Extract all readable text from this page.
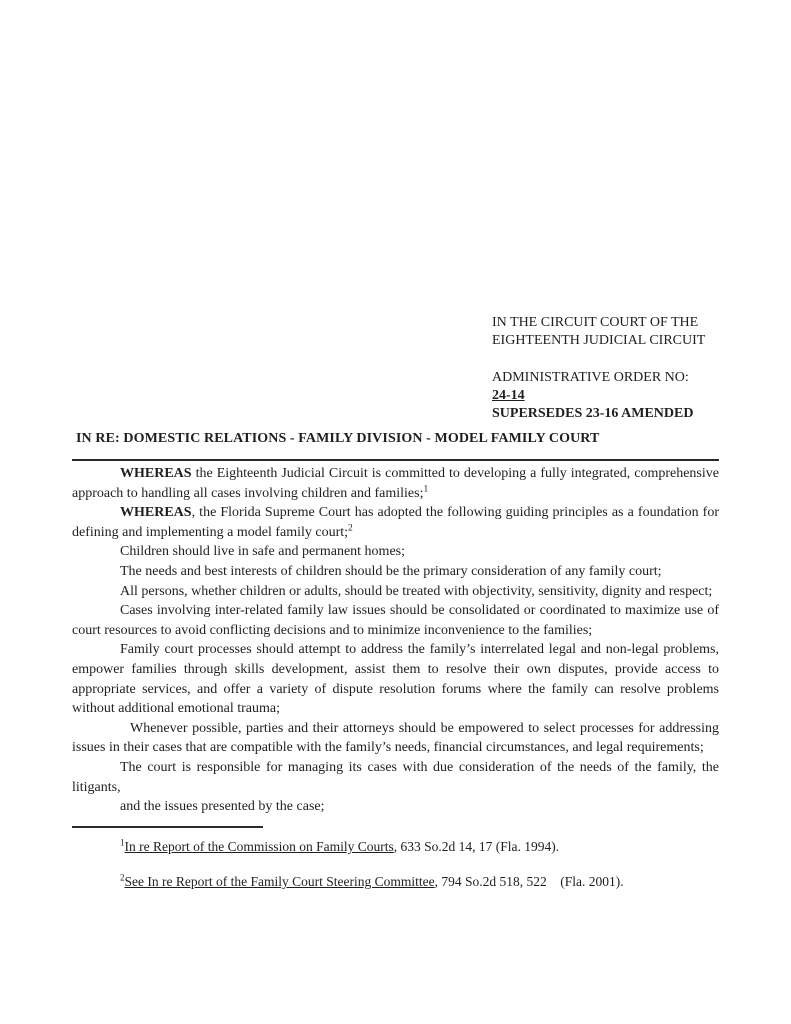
IN THE CIRCUIT COURT OF THE
EIGHTEENTH JUDICIAL CIRCUIT
ADMINISTRATIVE ORDER NO:
24-14
SUPERSEDES 23-16 AMENDED
IN RE: DOMESTIC RELATIONS - FAMILY DIVISION - MODEL FAMILY COURT

WHEREAS the Eighteenth Judicial Circuit is committed to developing a fully integrated, comprehensive approach to handling all cases involving children and families;$^1$

WHEREAS, the Florida Supreme Court has adopted the following guiding principles as a foundation for defining and implementing a model family court;$^2$

Children should live in safe and permanent homes;

The needs and best interests of children should be the primary consideration of any family court;

All persons, whether children or adults, should be treated with objectivity, sensitivity, dignity and respect;

Cases involving inter-related family law issues should be consolidated or coordinated to maximize use of court resources to avoid conflicting decisions and to minimize inconvenience to the families;

Family court processes should attempt to address the family’s interrelated legal and non-legal problems, empower families through skills development, assist them to resolve their own disputes, provide access to appropriate services, and offer a variety of dispute resolution forums where the family can resolve problems without additional emotional trauma;

Whenever possible, parties and their attorneys should be empowered to select processes for addressing issues in their cases that are compatible with the family’s needs, financial circumstances, and legal requirements;

The court is responsible for managing its cases with due consideration of the needs of the family, the litigants,

and the issues presented by the case;

$^1$In re Report of the Commission on Family Courts, 633 So.2d 14, 17 (Fla. 1994).

$^2$See In re Report of the Family Court Steering Committee, 794 So.2d 518, 522    (Fla. 2001).
